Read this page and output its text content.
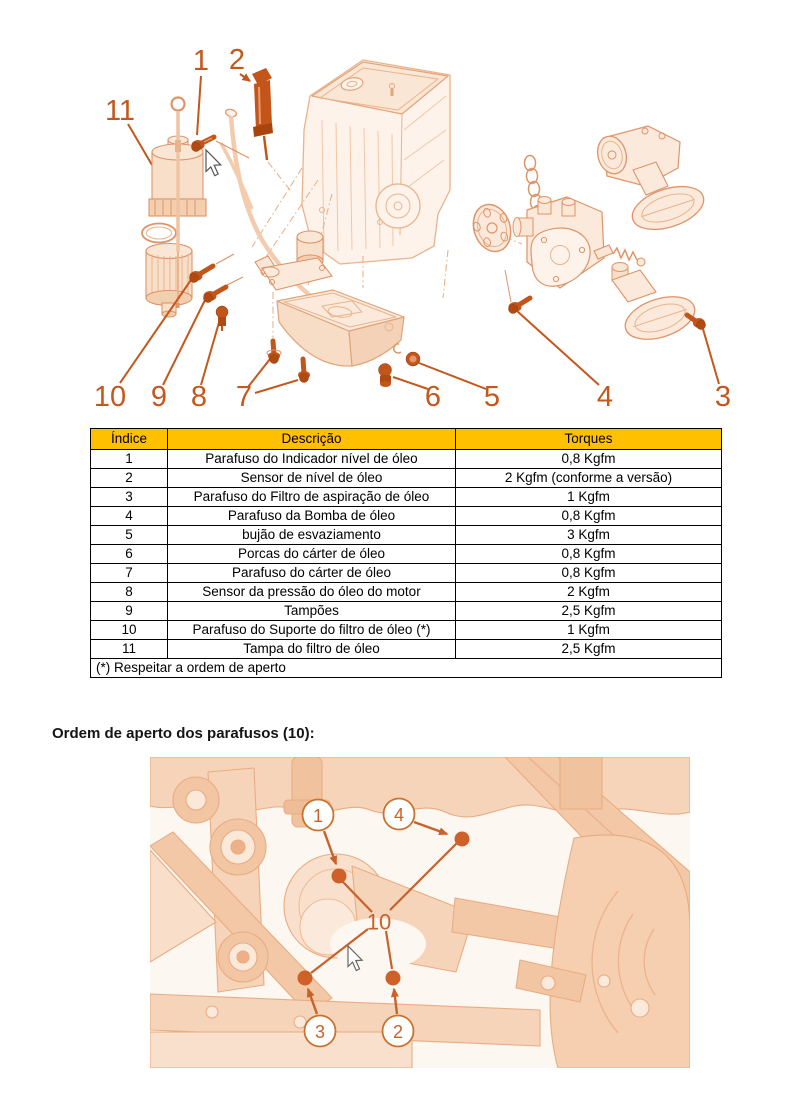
1 2
11
10 9 8 7	6 5	4	3
Índice	Descrição	Torques
1	Parafuso do Indicador nível de óleo	0,8 Kgfm
2	Sensor de nível de óleo	2 Kgfm (conforme a versão)
3	Parafuso do Filtro de aspiração de óleo	1 Kgfm
4	Parafuso da Bomba de óleo	0,8 Kgfm
5	bujão de esvaziamento	3 Kgfm
6	Porcas do cárter de óleo	0,8 Kgfm
7	Parafuso do cárter de óleo	0,8 Kgfm
8	Sensor da pressão do óleo do motor	2 Kgfm
9	Tampões	2,5 Kgfm
10	Parafuso do Suporte do filtro de óleo (*)	1 Kgfm
11	Tampa do filtro de óleo	2,5 Kgfm
(*) Respeitar a ordem de aperto		
Ordem de aperto dos parafusos (10):
10
1	4
3	2
